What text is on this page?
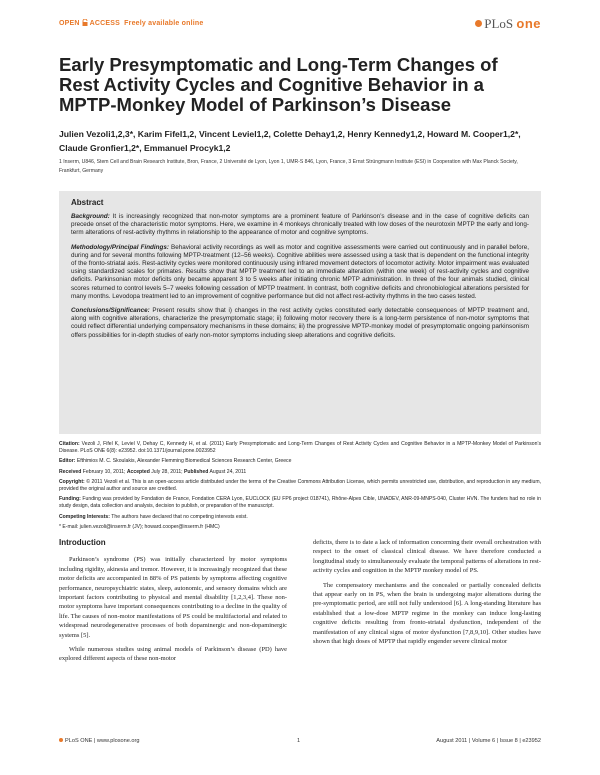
OPEN ACCESS Freely available online	PLoS one
Early Presymptomatic and Long-Term Changes of Rest Activity Cycles and Cognitive Behavior in a MPTP-Monkey Model of Parkinson’s Disease
Julien Vezoli1,2,3*, Karim Fifel1,2, Vincent Leviel1,2, Colette Dehay1,2, Henry Kennedy1,2, Howard M. Cooper1,2*, Claude Gronfier1,2*, Emmanuel Procyk1,2
1 Inserm, U846, Stem Cell and Brain Research Institute, Bron, France, 2 Université de Lyon, Lyon 1, UMR-S 846, Lyon, France, 3 Ernst Strüngmann Institute (ESI) in Cooperation with Max Planck Society, Frankfurt, Germany
Abstract

Background: It is increasingly recognized that non-motor symptoms are a prominent feature of Parkinson’s disease and in the case of cognitive deficits can precede onset of the characteristic motor symptoms. Here, we examine in 4 monkeys chronically treated with low doses of the neurotoxin MPTP the early and long-term alterations of rest-activity rhythms in relationship to the appearance of motor and cognitive symptoms.

Methodology/Principal Findings: Behavioral activity recordings as well as motor and cognitive assessments were carried out continuously and in parallel before, during and for several months following MPTP-treatment (12–56 weeks). Cognitive abilities were assessed using a task that is dependent on the functional integrity of the fronto-striatal axis. Rest-activity cycles were monitored continuously using infrared movement detectors of locomotor activity. Motor impairment was evaluated using standardized scales for primates. Results show that MPTP treatment led to an immediate alteration (within one week) of rest-activity cycles and cognitive deficits. Parkinsonian motor deficits only became apparent 3 to 5 weeks after initiating chronic MPTP administration. In three of the four animals studied, clinical scores returned to control levels 5–7 weeks following cessation of MPTP treatment. In contrast, both cognitive deficits and chronobiological alterations persisted for many months. Levodopa treatment led to an improvement of cognitive performance but did not affect rest-activity rhythms in the two cases tested.

Conclusions/Significance: Present results show that i) changes in the rest activity cycles constituted early detectable consequences of MPTP treatment and, along with cognitive alterations, characterize the presymptomatic stage; ii) following motor recovery there is a long-term persistence of non-motor symptoms that could reflect differential underlying compensatory mechanisms in these domains; iii) the progressive MPTP-monkey model of presymptomatic ongoing parkinsonism offers possibilities for in-depth studies of early non-motor symptoms including sleep alterations and cognitive deficits.

Citation: Vezoli J, Fifel K, Leviel V, Dehay C, Kennedy H, et al. (2011) Early Presymptomatic and Long-Term Changes of Rest Activity Cycles and Cognitive Behavior in a MPTP-Monkey Model of Parkinson’s Disease. PLoS ONE 6(8): e23952. doi:10.1371/journal.pone.0023952

Editor: Efthimios M. C. Skoulakis, Alexander Flemming Biomedical Sciences Research Center, Greece

Received February 10, 2011; Accepted July 28, 2011; Published August 24, 2011

Copyright: © 2011 Vezoli et al. This is an open-access article distributed under the terms of the Creative Commons Attribution License, which permits unrestricted use, distribution, and reproduction in any medium, provided the original author and source are credited.

Funding: Funding was provided by Fondation de France, Fondation CERA Lyon, EUCLOCK (EU FP6 project 018741), Rhône-Alpes Cible, UNADEV, ANR-09-MNPS-040, Cluster HVN. The funders had no role in study design, data collection and analysis, decision to publish, or preparation of the manuscript.

Competing Interests: The authors have declared that no competing interests exist.

* E-mail: julien.vezoli@inserm.fr (JV); howard.cooper@inserm.fr (HMC)

Introduction

Parkinson’s syndrome (PS) was initially characterized by motor symptoms including rigidity, akinesia and tremor. However, it is increasingly recognized that these motor deficits are accompanied in 88% of PS patients by symptoms affecting cognitive performance, neuropsychiatric states, sleep, autonomic, and sensory domains which are important factors contributing to physical and mental disability [1,2,3,4]. These non-motor symptoms have important consequences contributing to a decline in the quality of life. The causes of non-motor manifestations of PS could be multifactorial and related to widespread neurodegenerative processes of both dopaminergic and non-dopaminergic systems [5].

While numerous studies using animal models of Parkinson’s disease (PD) have explored different aspects of these non-motor

deficits, there is to date a lack of information concerning their overall orchestration with respect to the onset of classical clinical disease. We have therefore conducted a longitudinal study to simultaneously evaluate the temporal patterns of alterations in rest-activity cycles and cognition in the MPTP monkey model of PS.

The compensatory mechanisms and the concealed or partially concealed deficits that appear early on in PS, when the brain is undergoing major alterations during the pre-symptomatic period, are still not fully understood [6]. A long-standing literature has established that a low-dose MPTP regime in the monkey can induce long-lasting cognitive deficits resulting from fronto-striatal dysfunction, independent of the manifestation of any clinical signs of motor dysfunction [7,8,9,10]. Other studies have shown that high doses of MPTP that rapidly engender severe clinical motor

PLoS ONE | www.plosone.org	1	August 2011 | Volume 6 | Issue 8 | e23952
